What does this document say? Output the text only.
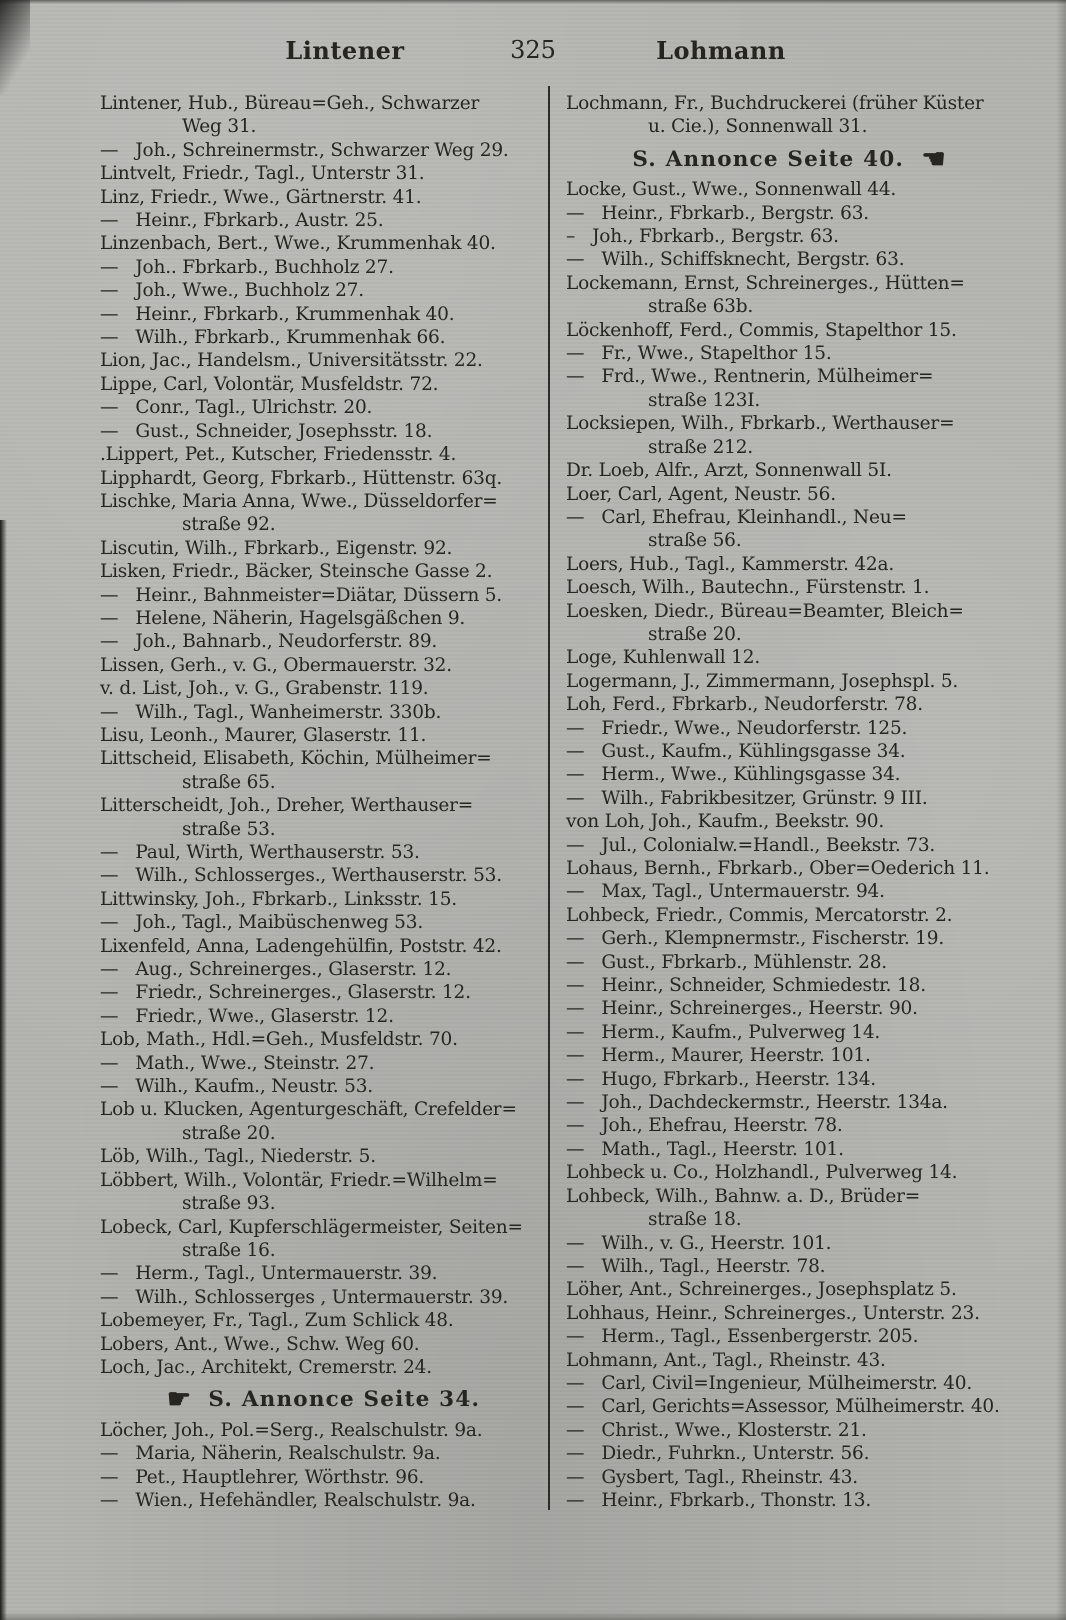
Lintener	325	Lohmann
Lintener, Hub., Büreau=Geh., Schwarzer
Weg 31.
—   Joh., Schreinermstr., Schwarzer Weg 29.
Lintvelt, Friedr., Tagl., Unterstr 31.
Linz, Friedr., Wwe., Gärtnerstr. 41.
—   Heinr., Fbrkarb., Austr. 25.
Linzenbach, Bert., Wwe., Krummenhak 40.
—   Joh.. Fbrkarb., Buchholz 27.
—   Joh., Wwe., Buchholz 27.
—   Heinr., Fbrkarb., Krummenhak 40.
—   Wilh., Fbrkarb., Krummenhak 66.
Lion, Jac., Handelsm., Universitätsstr. 22.
Lippe, Carl, Volontär, Musfeldstr. 72.
—   Conr., Tagl., Ulrichstr. 20.
—   Gust., Schneider, Josephsstr. 18.
.Lippert, Pet., Kutscher, Friedensstr. 4.
Lipphardt, Georg, Fbrkarb., Hüttenstr. 63q.
Lischke, Maria Anna, Wwe., Düsseldorfer=
straße 92.
Liscutin, Wilh., Fbrkarb., Eigenstr. 92.
Lisken, Friedr., Bäcker, Steinsche Gasse 2.
—   Heinr., Bahnmeister=Diätar, Düssern 5.
—   Helene, Näherin, Hagelsgäßchen 9.
—   Joh., Bahnarb., Neudorferstr. 89.
Lissen, Gerh., v. G., Obermauerstr. 32.
v. d. List, Joh., v. G., Grabenstr. 119.
—   Wilh., Tagl., Wanheimerstr. 330b.
Lisu, Leonh., Maurer, Glaserstr. 11.
Littscheid, Elisabeth, Köchin, Mülheimer=
straße 65.
Litterscheidt, Joh., Dreher, Werthauser=
straße 53.
—   Paul, Wirth, Werthauserstr. 53.
—   Wilh., Schlosserges., Werthauserstr. 53.
Littwinsky, Joh., Fbrkarb., Linksstr. 15.
—   Joh., Tagl., Maibüschenweg 53.
Lixenfeld, Anna, Ladengehülfin, Poststr. 42.
—   Aug., Schreinerges., Glaserstr. 12.
—   Friedr., Schreinerges., Glaserstr. 12.
—   Friedr., Wwe., Glaserstr. 12.
Lob, Math., Hdl.=Geh., Musfeldstr. 70.
—   Math., Wwe., Steinstr. 27.
—   Wilh., Kaufm., Neustr. 53.
Lob u. Klucken, Agenturgeschäft, Crefelder=
straße 20.
Löb, Wilh., Tagl., Niederstr. 5.
Löbbert, Wilh., Volontär, Friedr.=Wilhelm=
straße 93.
Lobeck, Carl, Kupferschlägermeister, Seiten=
straße 16.
—   Herm., Tagl., Untermauerstr. 39.
—   Wilh., Schlosserges , Untermauerstr. 39.
Lobemeyer, Fr., Tagl., Zum Schlick 48.
Lobers, Ant., Wwe., Schw. Weg 60.
Loch, Jac., Architekt, Cremerstr. 24.
☛ S. Annonce Seite 34.
Löcher, Joh., Pol.=Serg., Realschulstr. 9a.
—   Maria, Näherin, Realschulstr. 9a.
—   Pet., Hauptlehrer, Wörthstr. 96.
—   Wien., Hefehändler, Realschulstr. 9a.
Lochmann, Fr., Buchdruckerei (früher Küster
u. Cie.), Sonnenwall 31.
S. Annonce Seite 40. ☚
Locke, Gust., Wwe., Sonnenwall 44.
—   Heinr., Fbrkarb., Bergstr. 63.
–   Joh., Fbrkarb., Bergstr. 63.
—   Wilh., Schiffsknecht, Bergstr. 63.
Lockemann, Ernst, Schreinerges., Hütten=
straße 63b.
Löckenhoff, Ferd., Commis, Stapelthor 15.
—   Fr., Wwe., Stapelthor 15.
—   Frd., Wwe., Rentnerin, Mülheimer=
straße 123I.
Locksiepen, Wilh., Fbrkarb., Werthauser=
straße 212.
Dr. Loeb, Alfr., Arzt, Sonnenwall 5I.
Loer, Carl, Agent, Neustr. 56.
—   Carl, Ehefrau, Kleinhandl., Neu=
straße 56.
Loers, Hub., Tagl., Kammerstr. 42a.
Loesch, Wilh., Bautechn., Fürstenstr. 1.
Loesken, Diedr., Büreau=Beamter, Bleich=
straße 20.
Loge, Kuhlenwall 12.
Logermann, J., Zimmermann, Josephspl. 5.
Loh, Ferd., Fbrkarb., Neudorferstr. 78.
—   Friedr., Wwe., Neudorferstr. 125.
—   Gust., Kaufm., Kühlingsgasse 34.
—   Herm., Wwe., Kühlingsgasse 34.
—   Wilh., Fabrikbesitzer, Grünstr. 9 III.
von Loh, Joh., Kaufm., Beekstr. 90.
—   Jul., Colonialw.=Handl., Beekstr. 73.
Lohaus, Bernh., Fbrkarb., Ober=Oederich 11.
—   Max, Tagl., Untermauerstr. 94.
Lohbeck, Friedr., Commis, Mercatorstr. 2.
—   Gerh., Klempnermstr., Fischerstr. 19.
—   Gust., Fbrkarb., Mühlenstr. 28.
—   Heinr., Schneider, Schmiedestr. 18.
—   Heinr., Schreinerges., Heerstr. 90.
—   Herm., Kaufm., Pulverweg 14.
—   Herm., Maurer, Heerstr. 101.
—   Hugo, Fbrkarb., Heerstr. 134.
—   Joh., Dachdeckermstr., Heerstr. 134a.
—   Joh., Ehefrau, Heerstr. 78.
—   Math., Tagl., Heerstr. 101.
Lohbeck u. Co., Holzhandl., Pulverweg 14.
Lohbeck, Wilh., Bahnw. a. D., Brüder=
straße 18.
—   Wilh., v. G., Heerstr. 101.
—   Wilh., Tagl., Heerstr. 78.
Löher, Ant., Schreinerges., Josephsplatz 5.
Lohhaus, Heinr., Schreinerges., Unterstr. 23.
—   Herm., Tagl., Essenbergerstr. 205.
Lohmann, Ant., Tagl., Rheinstr. 43.
—   Carl, Civil=Ingenieur, Mülheimerstr. 40.
—   Carl, Gerichts=Assessor, Mülheimerstr. 40.
—   Christ., Wwe., Klosterstr. 21.
—   Diedr., Fuhrkn., Unterstr. 56.
—   Gysbert, Tagl., Rheinstr. 43.
—   Heinr., Fbrkarb., Thonstr. 13.
